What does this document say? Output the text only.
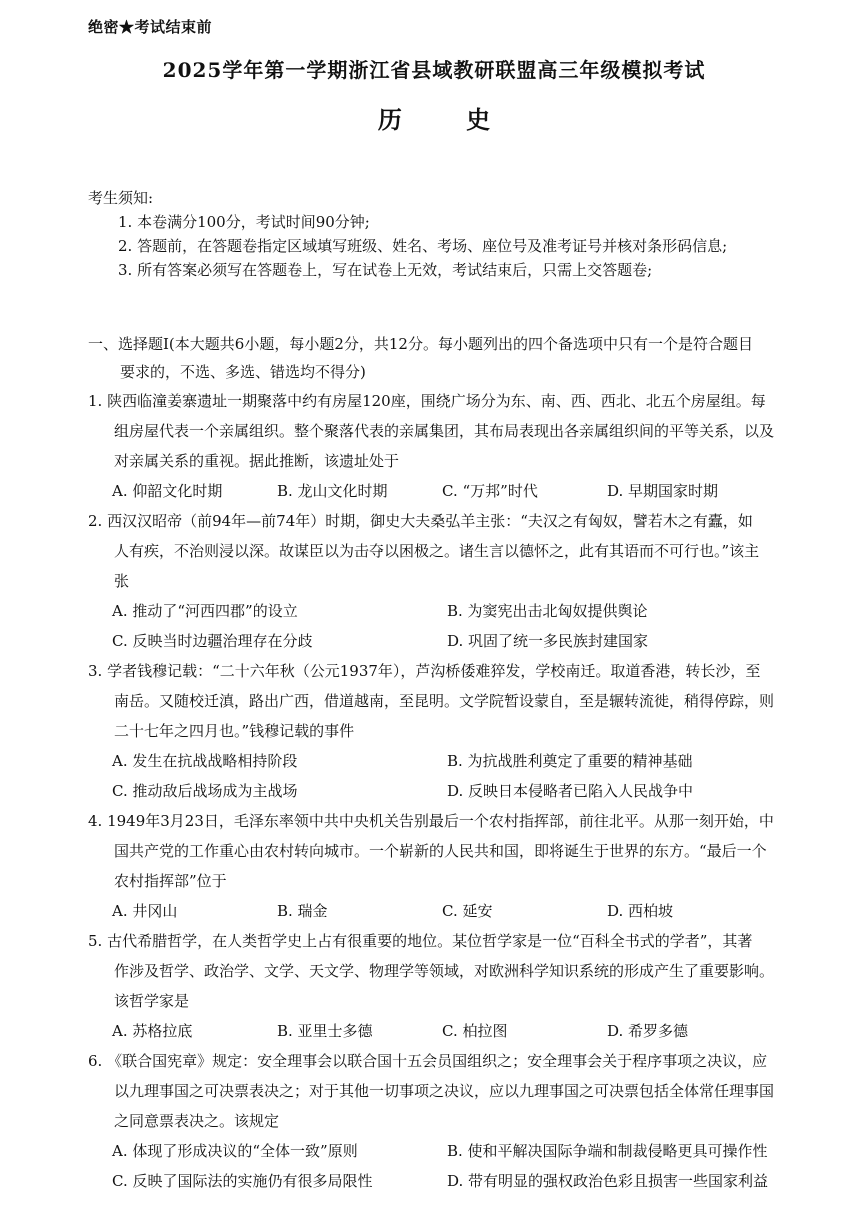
绝密★考试结束前
2025学年第一学期浙江省县域教研联盟高三年级模拟考试
历 史
考生须知:
1. 本卷满分100分，考试时间90分钟;
2. 答题前，在答题卷指定区域填写班级、姓名、考场、座位号及准考证号并核对条形码信息;
3. 所有答案必须写在答题卷上，写在试卷上无效，考试结束后，只需上交答题卷;
一、选择题Ⅰ(本大题共6小题，每小题2分，共12分。每小题列出的四个备选项中只有一个是符合题目
要求的，不选、多选、错选均不得分)
1. 陕西临潼姜寨遗址一期聚落中约有房屋120座，围绕广场分为东、南、西、西北、北五个房屋组。每
组房屋代表一个亲属组织。整个聚落代表的亲属集团，其布局表现出各亲属组织间的平等关系，以及
对亲属关系的重视。据此推断，该遗址处于
A. 仰韶文化时期	B. 龙山文化时期	C. “万邦”时代	D. 早期国家时期
2. 西汉汉昭帝（前94年—前74年）时期，御史大夫桑弘羊主张：“夫汉之有匈奴，譬若木之有蠹，如
人有疾，不治则浸以深。故谋臣以为击夺以困极之。诸生言以德怀之，此有其语而不可行也。”该主
张
A. 推动了“河西四郡”的设立	B. 为窦宪出击北匈奴提供舆论
C. 反映当时边疆治理存在分歧	D. 巩固了统一多民族封建国家
3. 学者钱穆记载：“二十六年秋（公元1937年），芦沟桥倭难猝发，学校南迁。取道香港，转长沙，至
南岳。又随校迁滇，路出广西，借道越南，至昆明。文学院暂设蒙自，至是辗转流徙，稍得停踪，则
二十七年之四月也。”钱穆记载的事件
A. 发生在抗战战略相持阶段	B. 为抗战胜利奠定了重要的精神基础
C. 推动敌后战场成为主战场	D. 反映日本侵略者已陷入人民战争中
4. 1949年3月23日，毛泽东率领中共中央机关告别最后一个农村指挥部，前往北平。从那一刻开始，中
国共产党的工作重心由农村转向城市。一个崭新的人民共和国，即将诞生于世界的东方。“最后一个
农村指挥部”位于
A. 井冈山	B. 瑞金	C. 延安	D. 西柏坡
5. 古代希腊哲学，在人类哲学史上占有很重要的地位。某位哲学家是一位“百科全书式的学者”，其著
作涉及哲学、政治学、文学、天文学、物理学等领域，对欧洲科学知识系统的形成产生了重要影响。
该哲学家是
A. 苏格拉底	B. 亚里士多德	C. 柏拉图	D. 希罗多德
6. 《联合国宪章》规定：安全理事会以联合国十五会员国组织之；安全理事会关于程序事项之决议，应
以九理事国之可决票表决之；对于其他一切事项之决议，应以九理事国之可决票包括全体常任理事国
之同意票表决之。该规定
A. 体现了形成决议的“全体一致”原则	B. 使和平解决国际争端和制裁侵略更具可操作性
C. 反映了国际法的实施仍有很多局限性	D. 带有明显的强权政治色彩且损害一些国家利益
